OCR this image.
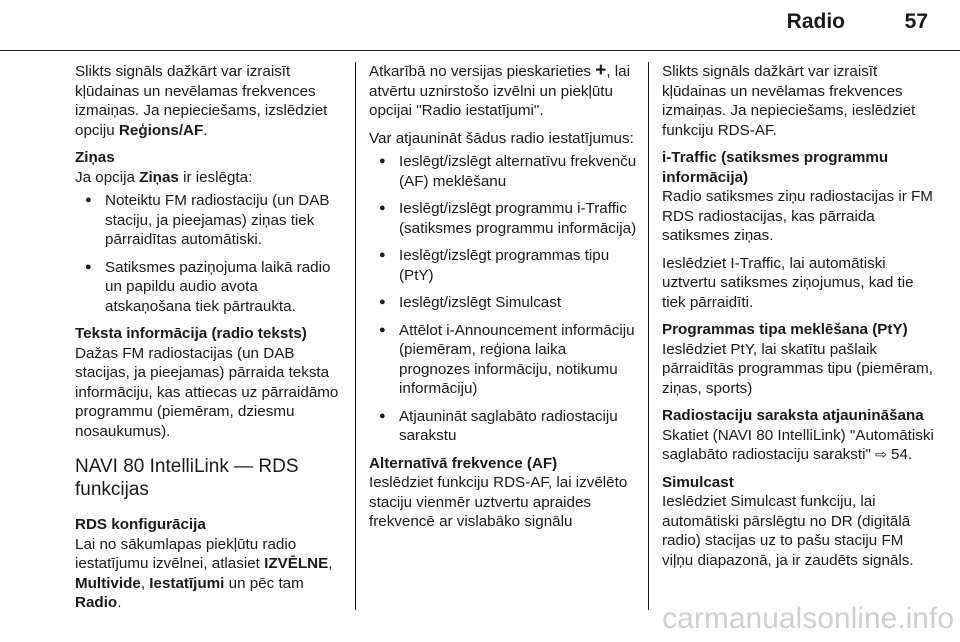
Radio	57

Slikts signāls dažkārt var izraisīt kļūdainas un nevēlamas frekvences izmaiņas. Ja nepieciešams, izslēdziet opciju Reģions/AF.

Ziņas
Ja opcija Ziņas ir ieslēgta:
● Noteiktu FM radiostaciju (un DAB staciju, ja pieejamas) ziņas tiek pārraidītas automātiski.
● Satiksmes paziņojuma laikā radio un papildu audio avota atskaņošana tiek pārtraukta.
Teksta informācija (radio teksts)

Dažas FM radiostacijas (un DAB stacijas, ja pieejamas) pārraida teksta informāciju, kas attiecas uz pārraidāmo programmu (piemēram, dziesmu nosaukumus).

NAVI 80 IntelliLink — RDS funkcijas
RDS konfigurācija
Lai no sākumlapas piekļūtu radio iestatījumu izvēlnei, atlasiet IZVĒLNE, Multivide, Iestatījumi un pēc tam Radio.

Atkarībā no versijas pieskarieties +, lai atvērtu uznirstošo izvēlni un piekļūtu opcijai "Radio iestatījumi".

Var atjaunināt šādus radio iestatījumus:

● Ieslēgt/izslēgt alternatīvu frekvenču (AF) meklēšanu
● Ieslēgt/izslēgt programmu i-Traffic (satiksmes programmu informācija)
● Ieslēgt/izslēgt programmas tipu (PtY)
● Ieslēgt/izslēgt Simulcast
● Attēlot i-Announcement informāciju (piemēram, reģiona laika prognozes informāciju, notikumu informāciju)
● Atjaunināt saglabāto radiostaciju sarakstu
Alternatīvā frekvence (AF)
Ieslēdziet funkciju RDS-AF, lai izvēlēto staciju vienmēr uztvertu apraides frekvencē ar vislabāko signālu

Slikts signāls dažkārt var izraisīt kļūdainas un nevēlamas frekvences izmaiņas. Ja nepieciešams, ieslēdziet funkciju RDS-AF.

i-Traffic (satiksmes programmu informācija)

Radio satiksmes ziņu radiostacijas ir FM RDS radiostacijas, kas pārraida satiksmes ziņas.

Ieslēdziet I-Traffic, lai automātiski uztvertu satiksmes ziņojumus, kad tie tiek pārraidīti.

Programmas tipa meklēšana (PtY)

Ieslēdziet PtY, lai skatītu pašlaik pārraidītās programmas tipu (piemēram, ziņas, sports)

Radiostaciju saraksta atjaunināšana

Skatiet (NAVI 80 IntelliLink) "Automātiski saglabāto radiostaciju saraksti" ⇨ 54.

Simulcast

Ieslēdziet Simulcast funkciju, lai automātiski pārslēgtu no DR (digitālā radio) stacijas uz to pašu staciju FM viļņu diapazonā, ja ir zaudēts signāls.

carmanualsonline.info
